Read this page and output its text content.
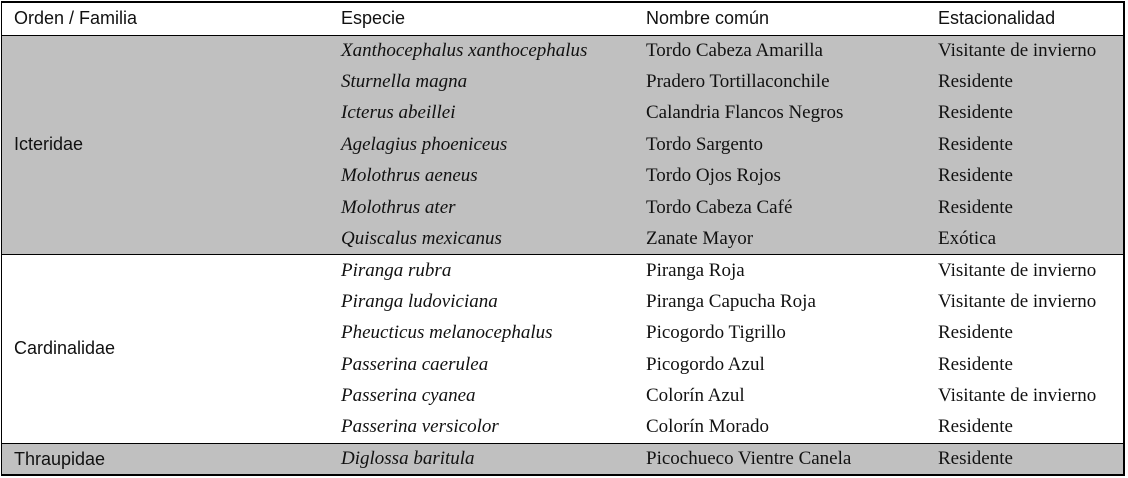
Orden / Familia	Especie	Nombre común	Estacionalidad
Icteridae	Xanthocephalus xanthocephalus	Tordo Cabeza Amarilla	Visitante de invierno
	Sturnella magna	Pradero Tortillaconchile	Residente
	Icterus abeillei	Calandria Flancos Negros	Residente
	Agelagius phoeniceus	Tordo Sargento	Residente
	Molothrus aeneus	Tordo Ojos Rojos	Residente
	Molothrus ater	Tordo Cabeza Café	Residente
	Quiscalus mexicanus	Zanate Mayor	Exótica
Cardinalidae	Piranga rubra	Piranga Roja	Visitante de invierno
	Piranga ludoviciana	Piranga Capucha Roja	Visitante de invierno
	Pheucticus melanocephalus	Picogordo Tigrillo	Residente
	Passerina caerulea	Picogordo Azul	Residente
	Passerina cyanea	Colorín Azul	Visitante de invierno
	Passerina versicolor	Colorín Morado	Residente
Thraupidae	Diglossa baritula	Picochueco Vientre Canela	Residente
